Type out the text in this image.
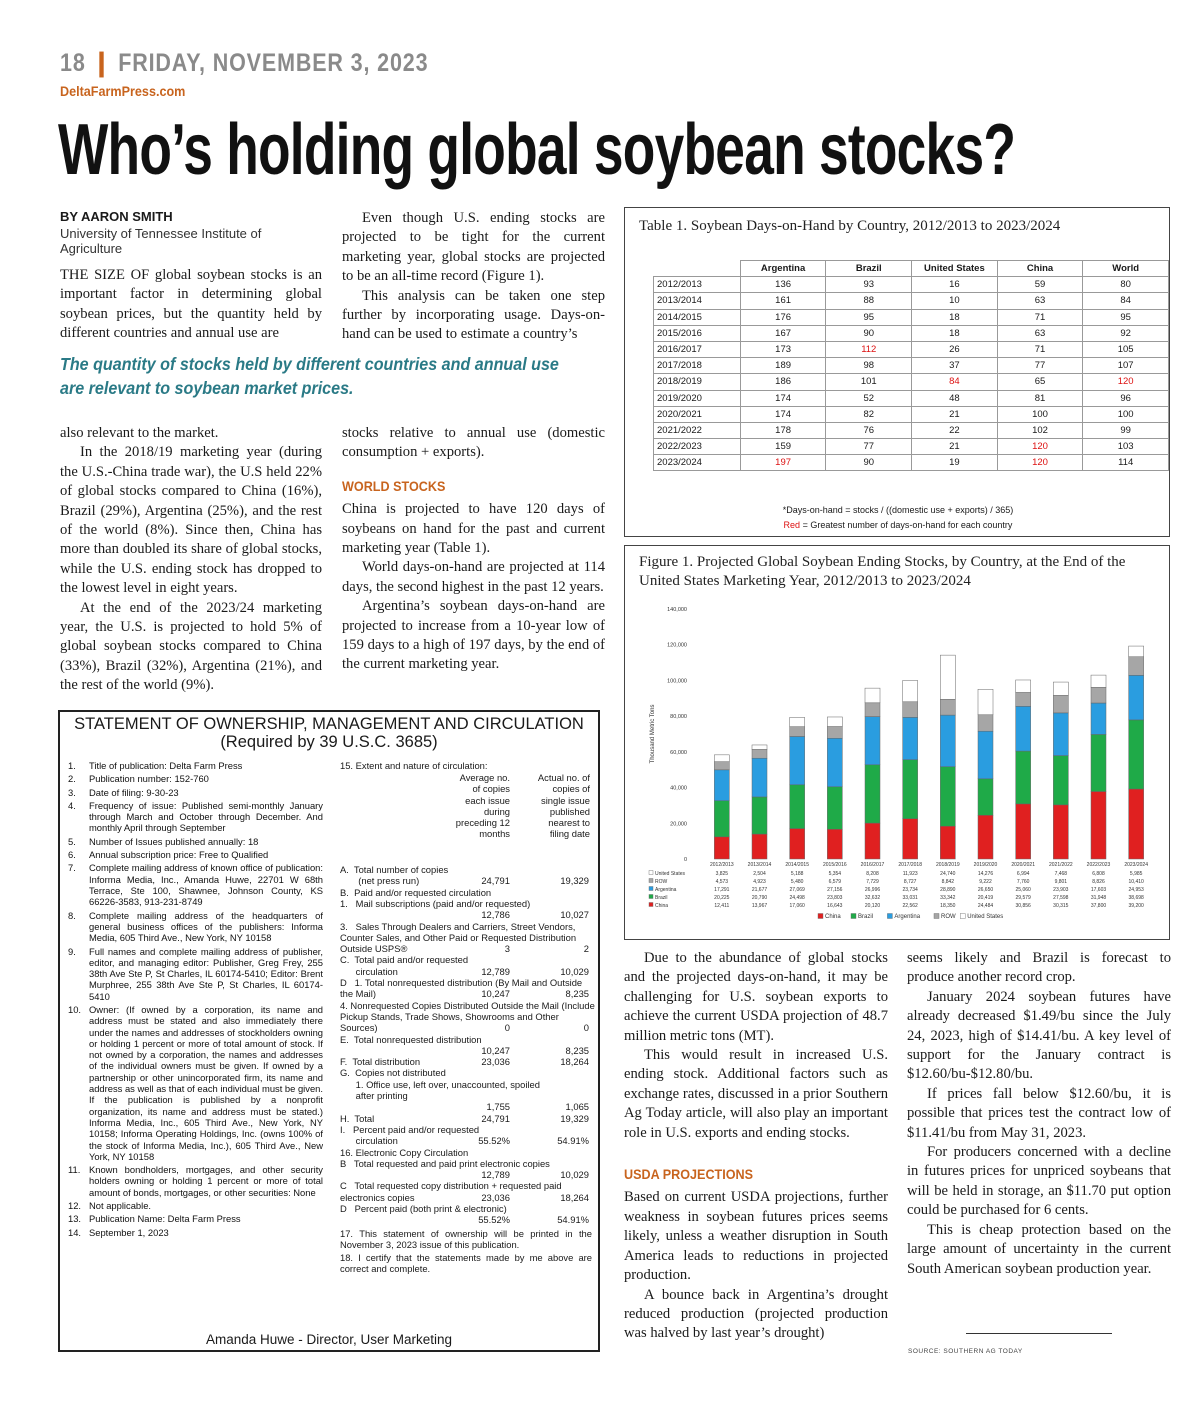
18 ❙ FRIDAY, NOVEMBER 3, 2023
DeltaFarmPress.com
Who’s holding global soybean stocks?
BY AARON SMITH
University of Tennessee Institute of Agriculture

THE SIZE OF global soybean stocks is an important factor in determining global soybean prices, but the quantity held by different countries and annual use are

Even though U.S. ending stocks are projected to be tight for the current marketing year, global stocks are projected to be an all-time record (Figure 1).

This analysis can be taken one step further by incorporating usage. Days-on-hand can be used to estimate a country’s

The quantity of stocks held by different countries and annual use are relevant to soybean market prices.

also relevant to the market.

In the 2018/19 marketing year (during the U.S.-China trade war), the U.S held 22% of global stocks compared to China (16%), Brazil (29%), Argentina (25%), and the rest of the world (8%). Since then, China has more than doubled its share of global stocks, while the U.S. ending stock has dropped to the lowest level in eight years.

At the end of the 2023/24 marketing year, the U.S. is projected to hold 5% of global soybean stocks compared to China (33%), Brazil (32%), Argentina (21%), and the rest of the world (9%).

stocks relative to annual use (domestic consumption + exports).

WORLD STOCKS

China is projected to have 120 days of soybeans on hand for the past and current marketing year (Table 1).

World days-on-hand are projected at 114 days, the second highest in the past 12 years.

Argentina’s soybean days-on-hand are projected to increase from a 10-year low of 159 days to a high of 197 days, by the end of the current marketing year.

STATEMENT OF OWNERSHIP, MANAGEMENT AND CIRCULATION
(Required by 39 U.S.C. 3685)
1. Title of publication: Delta Farm Press
2. Publication number: 152-760
3. Date of filing: 9-30-23
4. Frequency of issue: Published semi-monthly January through March and October through December. And monthly April through September
5. Number of Issues published annually: 18
6. Annual subscription price: Free to Qualified
7. Complete mailing address of known office of publication: Informa Media, Inc., Amanda Huwe, 22701 W 68th Terrace, Ste 100, Shawnee, Johnson County, KS 66226-3583, 913-231-8749
8. Complete mailing address of the headquarters of general business offices of the publishers: Informa Media, 605 Third Ave., New York, NY 10158
9. Full names and complete mailing address of publisher, editor, and managing editor: Publisher, Greg Frey, 255 38th Ave Ste P, St Charles, IL 60174-5410; Editor: Brent Murphree, 255 38th Ave Ste P, St Charles, IL 60174-5410
10. Owner: (If owned by a corporation, its name and address must be stated and also immediately there under the names and addresses of stockholders owning or holding 1 percent or more of total amount of stock. If not owned by a corporation, the names and addresses of the individual owners must be given. If owned by a partnership or other unincorporated firm, its name and address as well as that of each individual must be given. If the publication is published by a nonprofit organization, its name and address must be stated.) Informa Media, Inc., 605 Third Ave., New York, NY 10158; Informa Operating Holdings, Inc. (owns 100% of the stock of Informa Media, Inc.), 605 Third Ave., New York, NY 10158
11. Known bondholders, mortgages, and other security holders owning or holding 1 percent or more of total amount of bonds, mortgages, or other securities: None
12. Not applicable.
13. Publication Name: Delta Farm Press
14. September 1, 2023
15. Extent and nature of circulation:
Average no. of copies each issue during preceding 12 months
Actual no. of copies of single issue published nearest to filing date
A.  Total number of copies
(net press run)	24,791	19,329
B.  Paid and/or requested circulation
1.   Mail subscriptions (paid and/or requested)
12,786	10,027
3.   Sales Through Dealers and Carriers, Street Vendors, Counter Sales, and Other Paid or Requested Distribution Outside USPS®	3	2
C.  Total paid and/or requested
circulation	12,789	10,029
D   1. Total nonrequested distribution (By Mail and Outside the Mail)	10,247	8,235
4. Nonrequested Copies Distributed Outside the Mail (Include Pickup Stands, Trade Shows, Showrooms and Other Sources)	0	0
E.  Total nonrequested distribution
10,247	8,235
F.  Total distribution	23,036	18,264
G.  Copies not distributed
1. Office use, left over, unaccounted, spoiled
after printing
1,755	1,065
H.  Total	24,791	19,329
I.   Percent paid and/or requested
circulation	55.52%	54.91%
16. Electronic Copy Circulation
B   Total requested and paid print electronic copies
12,789	10,029
C   Total requested copy distribution + requested paid electronics copies	23,036	18,264
D   Percent paid (both print & electronic)
55.52%	54.91%
17. This statement of ownership will be printed in the November 3, 2023 issue of this publication.
18. I certify that the statements made by me above are correct and complete.
Amanda Huwe - Director, User Marketing
Table 1. Soybean Days-on-Hand by Country, 2012/2013 to 2023/2024
	Argentina	Brazil	United States	China	World
2012/2013	136	93	16	59	80
2013/2014	161	88	10	63	84
2014/2015	176	95	18	71	95
2015/2016	167	90	18	63	92
2016/2017	173	112	26	71	105
2017/2018	189	98	37	77	107
2018/2019	186	101	84	65	120
2019/2020	174	52	48	81	96
2020/2021	174	82	21	100	100
2021/2022	178	76	22	102	99
2022/2023	159	77	21	120	103
2023/2024	197	90	19	120	114
*Days-on-hand = stocks / ((domestic use + exports) / 365)
Red = Greatest number of days-on-hand for each country
Figure 1. Projected Global Soybean Ending Stocks, by Country, at the End of the United States Marketing Year, 2012/2013 to 2023/2024
0
20,000
40,000
60,000
80,000
100,000
120,000
140,000
Thousand Metric Tons
2012/2013	2013/2014	2014/2015	2015/2016	2016/2017	2017/2018	2018/2019	2019/2020	2020/2021	2021/2022	2022/2023	2023/2024
United States	3,825	2,504	5,188	5,354	8,208	11,923	24,740	14,276	6,994	7,468	6,808	5,985
ROW	4,573	4,923	5,480	6,579	7,729	8,727	8,842	9,222	7,760	9,801	8,826	10,410
Argentina	17,291	21,677	27,069	27,156	26,996	23,734	28,890	26,650	25,060	23,903	17,603	24,953
Brazil	20,225	20,790	24,498	23,803	32,632	33,031	33,342	20,419	29,579	27,598	31,948	38,698
China	12,411	13,967	17,060	16,643	20,120	22,562	18,350	24,484	30,856	30,315	37,800	39,200
China	Brazil	Argentina	ROW United States

Due to the abundance of global stocks and the projected days-on-hand, it may be challenging for U.S. soybean exports to achieve the current USDA projection of 48.7 million metric tons (MT).

This would result in increased U.S. ending stock. Additional factors such as exchange rates, discussed in a prior Southern Ag Today article, will also play an important role in U.S. exports and ending stocks.

USDA PROJECTIONS

Based on current USDA projections, further weakness in soybean futures prices seems likely, unless a weather disruption in South America leads to reductions in projected production.

A bounce back in Argentina’s drought reduced production (projected production was halved by last year’s drought)

seems likely and Brazil is forecast to produce another record crop.

January 2024 soybean futures have already decreased $1.49/bu since the July 24, 2023, high of $14.41/bu. A key level of support for the January contract is $12.60/bu-$12.80/bu.

If prices fall below $12.60/bu, it is possible that prices test the contract low of $11.41/bu from May 31, 2023.

For producers concerned with a decline in futures prices for unpriced soybeans that will be held in storage, an $11.70 put option could be purchased for 6 cents.

This is cheap protection based on the large amount of uncertainty in the current South American soybean production year.

SOURCE: SOUTHERN AG TODAY
